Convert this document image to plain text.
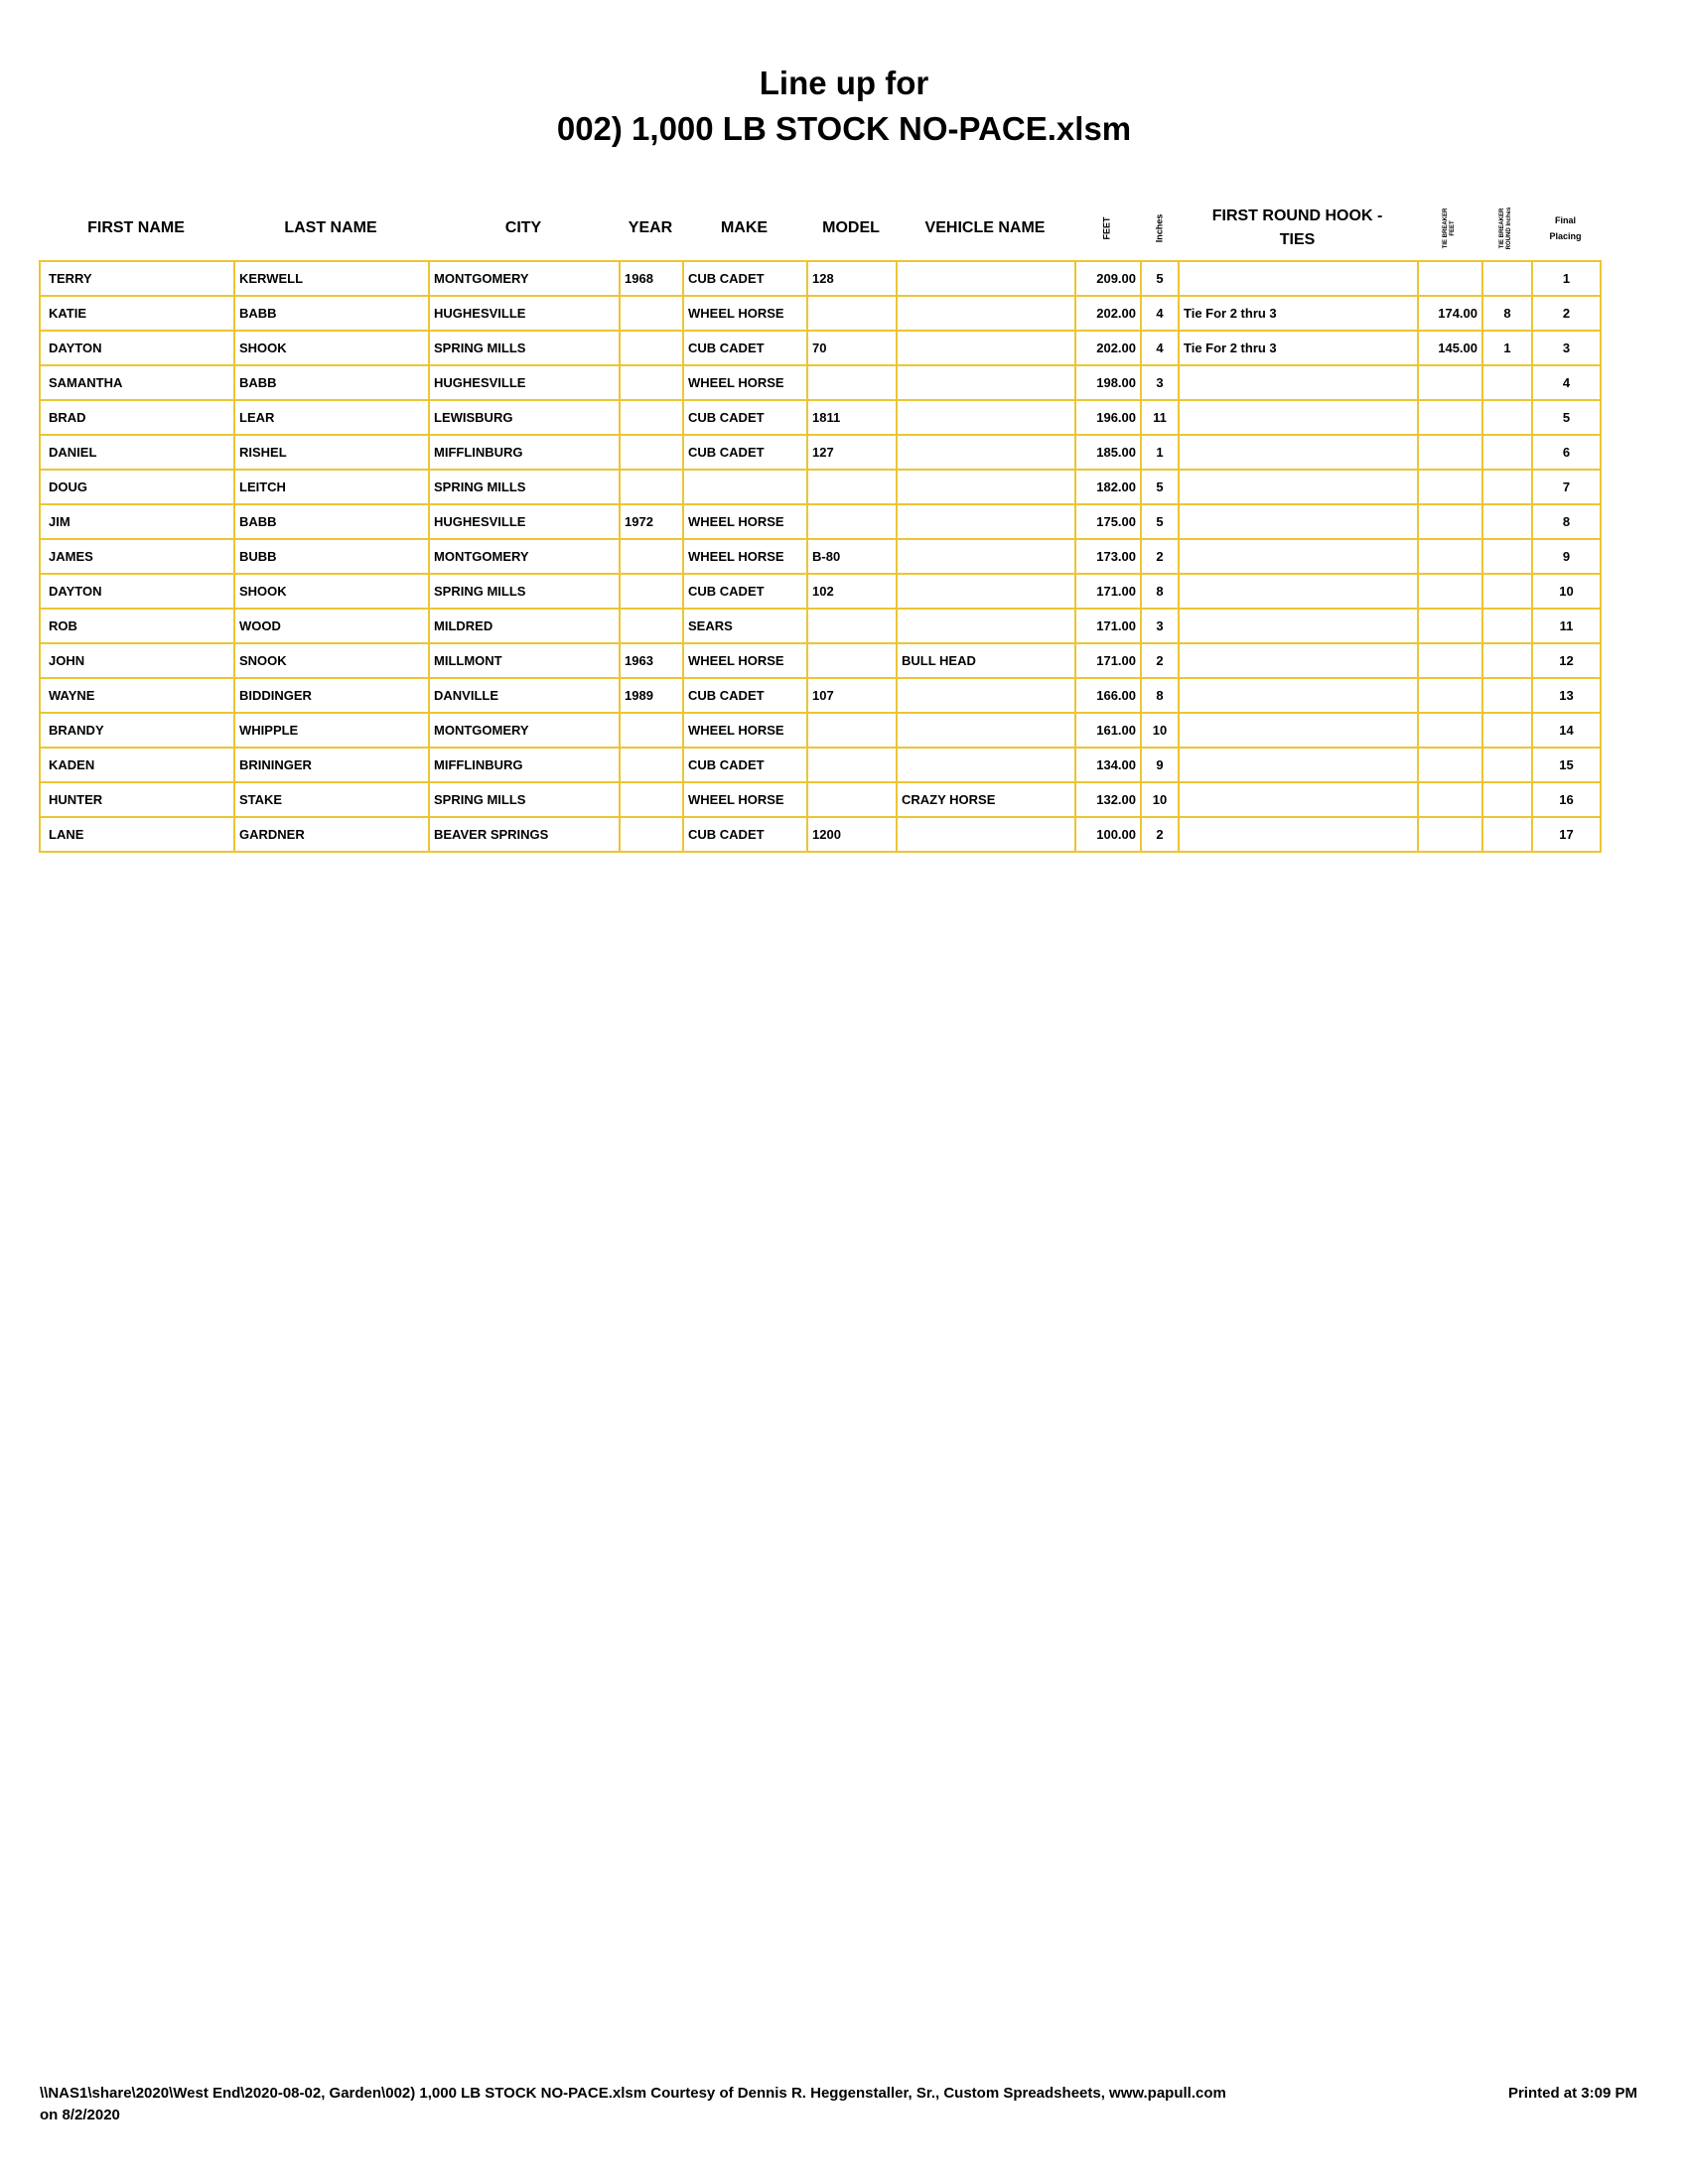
Line up for
002) 1,000 LB STOCK NO-PACE.xlsm
FIRST NAME	LAST NAME	CITY	YEAR	MAKE	MODEL	VEHICLE NAME	FEET	Inches	FIRST ROUND HOOK -
TIES	TIE BREAKER FEET	TIE BREAKER ROUND Inches	Final
Placing
TERRY	KERWELL	MONTGOMERY	1968	CUB CADET	128		209.00	5				1
KATIE	BABB	HUGHESVILLE		WHEEL HORSE			202.00	4	Tie For 2 thru 3	174.00	8	2
DAYTON	SHOOK	SPRING MILLS		CUB CADET	70		202.00	4	Tie For 2 thru 3	145.00	1	3
SAMANTHA	BABB	HUGHESVILLE		WHEEL HORSE			198.00	3				4
BRAD	LEAR	LEWISBURG		CUB CADET	1811		196.00	11				5
DANIEL	RISHEL	MIFFLINBURG		CUB CADET	127		185.00	1				6
DOUG	LEITCH	SPRING MILLS					182.00	5				7
JIM	BABB	HUGHESVILLE	1972	WHEEL HORSE			175.00	5				8
JAMES	BUBB	MONTGOMERY		WHEEL HORSE	B-80		173.00	2				9
DAYTON	SHOOK	SPRING MILLS		CUB CADET	102		171.00	8				10
ROB	WOOD	MILDRED		SEARS			171.00	3				11
JOHN	SNOOK	MILLMONT	1963	WHEEL HORSE		BULL HEAD	171.00	2				12
WAYNE	BIDDINGER	DANVILLE	1989	CUB CADET	107		166.00	8				13
BRANDY	WHIPPLE	MONTGOMERY		WHEEL HORSE			161.00	10				14
KADEN	BRININGER	MIFFLINBURG		CUB CADET			134.00	9				15
HUNTER	STAKE	SPRING MILLS		WHEEL HORSE		CRAZY HORSE	132.00	10				16
LANE	GARDNER	BEAVER SPRINGS		CUB CADET	1200		100.00	2				17
\\NAS1\share\2020\West End\2020-08-02, Garden\002) 1,000 LB STOCK NO-PACE.xlsm Courtesy of Dennis R. Heggenstaller, Sr., Custom Spreadsheets, www.papull.com
on 8/2/2020
Printed at 3:09 PM
